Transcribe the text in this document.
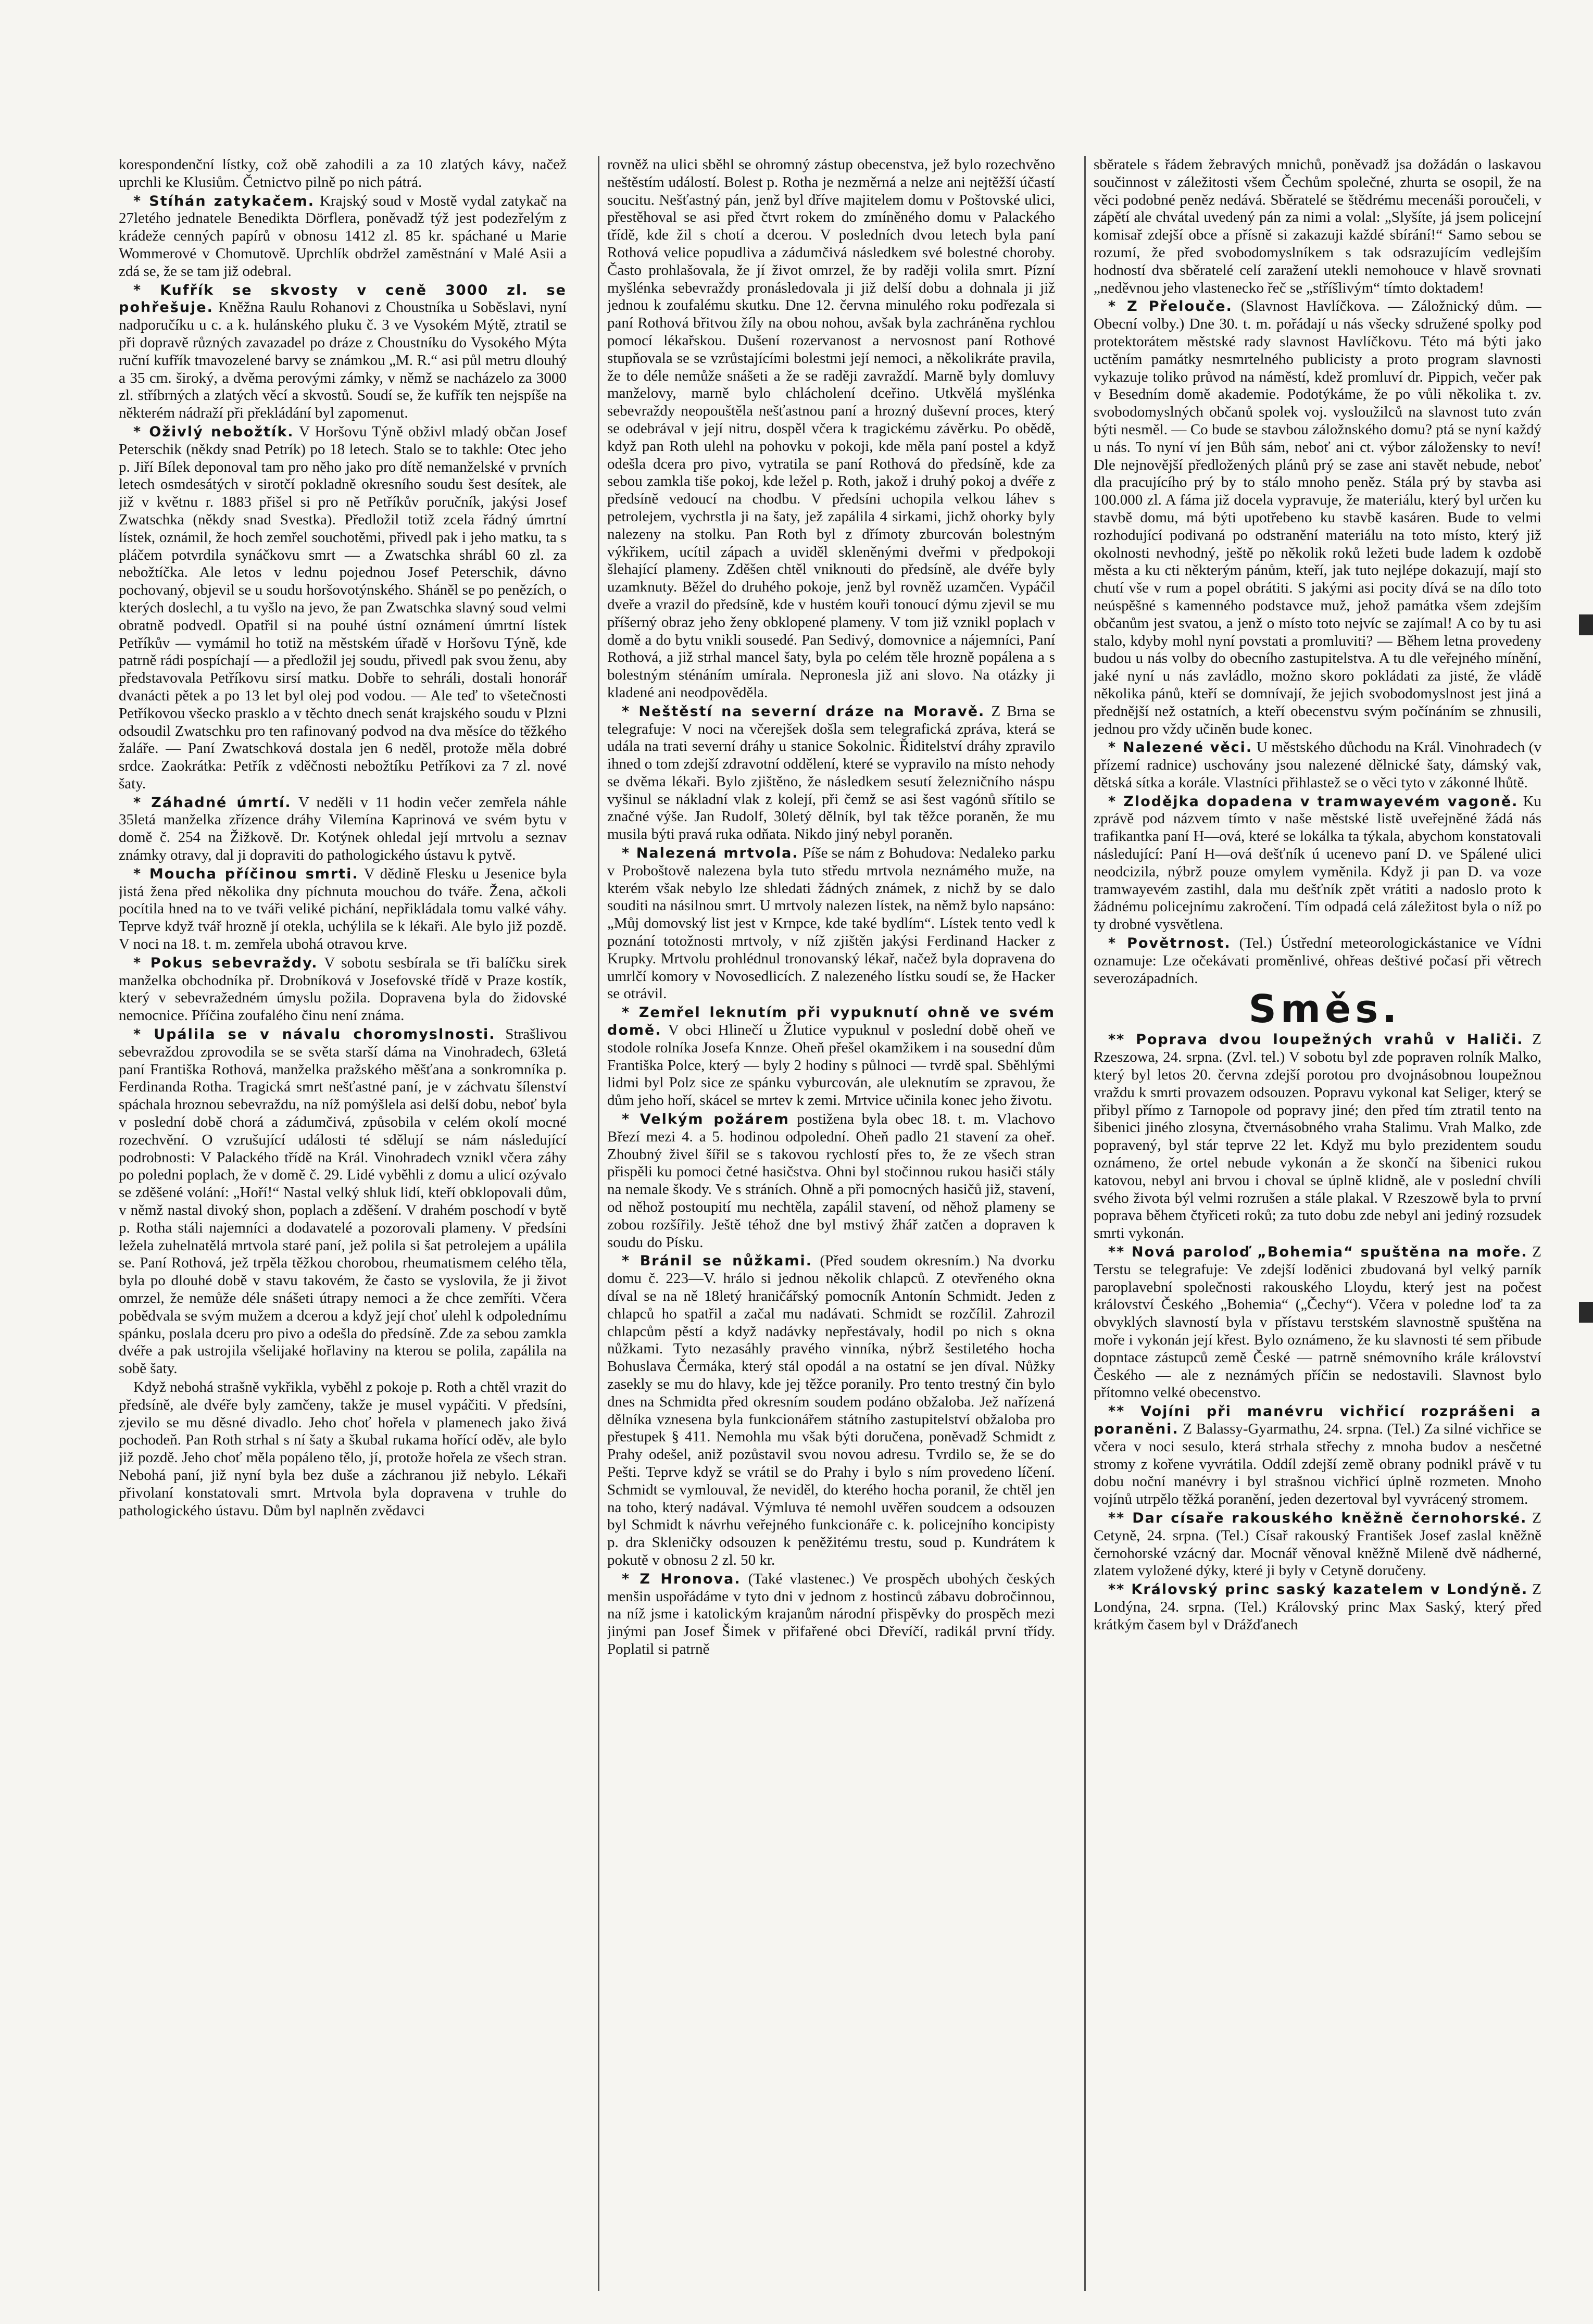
korespondenční lístky, což obě zahodili a za 10 zlatých kávy, načež uprchli ke Klusiům. Četnictvo pilně po nich pátrá.

* Stíhán zatykačem. Krajský soud v Mostě vydal zatykač na 27letého jednatele Benedikta Dörflera, poněvadž týž jest podezřelým z krádeže cenných papírů v obnosu 1412 zl. 85 kr. spáchané u Marie Wommerové v Chomutově. Uprchlík obdržel zaměstnání v Malé Asii a zdá se, že se tam již odebral.

* Kufřík se skvosty v ceně 3000 zl. se pohřešuje. Kněžna Raulu Rohanovi z Choustníka u Soběslavi, nyní nadporučíku u c. a k. hulánského pluku č. 3 ve Vysokém Mýtě, ztratil se při dopravě různých zavazadel po dráze z Choustníku do Vysokého Mýta ruční kufřík tmavozelené barvy se známkou „M. R.“ asi půl metru dlouhý a 35 cm. široký, a dvěma perovými zámky, v němž se nacházelo za 3000 zl. stříbrných a zlatých věcí a skvostů. Soudí se, že kufřík ten nejspíše na některém nádraží při překládání byl zapomenut.

* Oživlý nebožtík. V Horšovu Týně obživl mladý občan Josef Peterschik (někdy snad Petrík) po 18 letech. Stalo se to takhle: Otec jeho p. Jiří Bílek deponoval tam pro něho jako pro dítě nemanželské v prvních letech osmdesátých v sirotčí pokladně okresního soudu šest desítek, ale již v květnu r. 1883 přišel si pro ně Petříkův poručník, jakýsi Josef Zwatschka (někdy snad Svestka). Předložil totiž zcela řádný úmrtní lístek, oznámil, že hoch zemřel souchotěmi, přivedl pak i jeho matku, ta s pláčem potvrdila synáčkovu smrt — a Zwatschka shrábl 60 zl. za nebožtíčka. Ale letos v lednu pojednou Josef Peterschik, dávno pochovaný, objevil se u soudu horšovotýnského. Sháněl se po penězích, o kterých doslechl, a tu vyšlo na jevo, že pan Zwatschka slavný soud velmi obratně podvedl. Opatřil si na pouhé ústní oznámení úmrtní lístek Petříkův — vymámil ho totiž na městském úřadě v Horšovu Týně, kde patrně rádi pospíchají — a předložil jej soudu, přivedl pak svou ženu, aby představovala Petříkovu sirsí matku. Dobře to sehráli, dostali honorář dvanácti pětek a po 13 let byl olej pod vodou. — Ale teď to všetečnosti Petříkovou všecko prasklo a v těchto dnech senát krajského soudu v Plzni odsoudil Zwatschku pro ten rafinovaný podvod na dva měsíce do těžkého žaláře. — Paní Zwatschková dostala jen 6 neděl, protože měla dobré srdce. Zaokrátka: Petřík z vděčnosti nebožtíku Petříkovi za 7 zl. nové šaty.

* Záhadné úmrtí. V neděli v 11 hodin večer zemřela náhle 35letá manželka zřízence dráhy Vilemína Kaprinová ve svém bytu v domě č. 254 na Žižkově. Dr. Kotýnek ohledal její mrtvolu a seznav známky otravy, dal ji dopraviti do pathologického ústavu k pytvě.

* Moucha příčinou smrti. V dědině Flesku u Jesenice byla jistá žena před několika dny píchnuta mouchou do tváře. Žena, ačkoli pocítila hned na to ve tváři veliké pichání, nepřikládala tomu valké váhy. Teprve když tvář hrozně jí otekla, uchýlila se k lékaři. Ale bylo již pozdě. V noci na 18. t. m. zemřela ubohá otravou krve.

* Pokus sebevraždy. V sobotu sesbírala se tři balíčku sirek manželka obchodníka př. Drobníková v Josefovské třídě v Praze kostík, který v sebevražedném úmyslu požila. Dopravena byla do židovské nemocnice. Příčina zoufalého činu není známa.

* Upálila se v návalu choromyslnosti. Strašlivou sebevraždou zprovodila se se světa starší dáma na Vinohradech, 63letá paní Františka Rothová, manželka pražského měšťana a sonkromníka p. Ferdinanda Rotha. Tragická smrt nešťastné paní, je v záchvatu šílenství spáchala hroznou sebevraždu, na níž pomýšlela asi delší dobu, neboť byla v poslední době chorá a zádumčivá, způsobila v celém okolí mocné rozechvění. O vzrušující události té sdělují se nám následující podrobnosti: V Palackého třídě na Král. Vinohradech vznikl včera záhy po poledni poplach, že v domě č. 29. Lidé vyběhli z domu a ulicí ozývalo se zděšené volání: „Hoří!“ Nastal velký shluk lidí, kteří obklopovali dům, v němž nastal divoký shon, poplach a zděšení. V drahém poschodí v bytě p. Rotha stáli najemníci a dodavatelé a pozorovali plameny. V předsíni ležela zuhelnatělá mrtvola staré paní, jež polila si šat petrolejem a upálila se. Paní Rothová, jež trpěla těžkou chorobou, rheumatismem celého těla, byla po dlouhé době v stavu takovém, že často se vyslovila, že ji život omrzel, že nemůže déle snášeti útrapy nemoci a že chce zemříti. Včera pobědvala se svým mužem a dcerou a když její choť ulehl k odpolednímu spánku, poslala dceru pro pivo a odešla do předsíně. Zde za sebou zamkla dvéře a pak ustrojila všelijaké hořlaviny na kterou se polila, zapálila na sobě šaty.

Když nebohá strašně vykřikla, vyběhl z pokoje p. Roth a chtěl vrazit do předsíně, ale dvéře byly zamčeny, takže je musel vypáčiti. V předsíni, zjevilo se mu děsné divadlo. Jeho choť hořela v plamenech jako živá pochodeň. Pan Roth strhal s ní šaty a škubal rukama hořící oděv, ale bylo již pozdě. Jeho choť měla popáleno tělo, jí, protože hořela ze všech stran. Nebohá paní, již nyní byla bez duše a záchranou již nebylo. Lékaři přivolaní konstatovali smrt. Mrtvola byla dopravena v truhle do pathologického ústavu. Dům byl naplněn zvědavci

rovněž na ulici sběhl se ohromný zástup obecenstva, jež bylo rozechvěno neštěstím událostí. Bolest p. Rotha je nezměrná a nelze ani nejtěžší účastí soucitu. Nešťastný pán, jenž byl dříve majitelem domu v Poštovské ulici, přestěhoval se asi před čtvrt rokem do zmíněného domu v Palackého třídě, kde žil s chotí a dcerou. V posledních dvou letech byla paní Rothová velice popudliva a zádumčivá následkem své bolestné choroby. Často prohlašovala, že jí život omrzel, že by raději volila smrt. Pízní myšlénka sebevraždy pronásledovala ji již delší dobu a dohnala ji již jednou k zoufalému skutku. Dne 12. června minulého roku podřezala si paní Rothová břitvou žíly na obou nohou, avšak byla zachráněna rychlou pomocí lékařskou. Dušení rozervanost a nervosnost paní Rothové stupňovala se se vzrůstajícími bolestmi její nemoci, a několikráte pravila, že to déle nemůže snášeti a že se raději zavraždí. Marně byly domluvy manželovy, marně bylo chlácholení dceřino. Utkvělá myšlénka sebevraždy neopouštěla nešťastnou paní a hrozný duševní proces, který se odebrával v její nitru, dospěl včera k tragickému závěrku. Po obědě, když pan Roth ulehl na pohovku v pokoji, kde měla paní postel a když odešla dcera pro pivo, vytratila se paní Rothová do předsíně, kde za sebou zamkla tiše pokoj, kde ležel p. Roth, jakož i druhý pokoj a dvéře z předsíně vedoucí na chodbu. V předsíni uchopila velkou láhev s petrolejem, vychrstla ji na šaty, jež zapálila 4 sirkami, jichž ohorky byly nalezeny na stolku. Pan Roth byl z dřímoty zburcován bolestným výkřikem, ucítil zápach a uviděl skleněnými dveřmi v předpokoji šlehající plameny. Zděšen chtěl vniknouti do předsíně, ale dvéře byly uzamknuty. Běžel do druhého pokoje, jenž byl rovněž uzamčen. Vypáčil dveře a vrazil do předsíně, kde v hustém kouři tonoucí dýmu zjevil se mu příšerný obraz jeho ženy obklopené plameny. V tom již vznikl poplach v domě a do bytu vnikli sousedé. Pan Sedivý, domovnice a nájemníci, Paní Rothová, a již strhal mancel šaty, byla po celém těle hrozně popálena a s bolestným sténáním umírala. Nepronesla již ani slovo. Na otázky ji kladené ani neodpověděla.

* Neštěstí na severní dráze na Moravě. Z Brna se telegrafuje: V noci na včerejšek došla sem telegrafická zpráva, která se udála na trati severní dráhy u stanice Sokolnic. Řiditelství dráhy zpravilo ihned o tom zdejší zdravotní oddělení, které se vypravilo na místo nehody se dvěma lékaři. Bylo zjištěno, že následkem sesutí železničního náspu vyšinul se nákladní vlak z kolejí, při čemž se asi šest vagónů sřítilo se značné výše. Jan Rudolf, 30letý dělník, byl tak těžce poraněn, že mu musila býti pravá ruka odňata. Nikdo jiný nebyl poraněn.

* Nalezená mrtvola. Píše se nám z Bohudova: Nedaleko parku v Proboštově nalezena byla tuto středu mrtvola neznámého muže, na kterém však nebylo lze shledati žádných známek, z nichž by se dalo souditi na násilnou smrt. U mrtvoly nalezen lístek, na němž bylo napsáno: „Můj domovský list jest v Krnpce, kde také bydlím“. Lístek tento vedl k poznání totožnosti mrtvoly, v níž zjištěn jakýsi Ferdinand Hacker z Krupky. Mrtvolu prohlédnul tronovanský lékař, načež byla dopravena do umrlčí komory v Novosedlicích. Z nalezeného lístku soudí se, že Hacker se otrávil.

* Zemřel leknutím při vypuknutí ohně ve svém domě. V obci Hlinečí u Žlutice vypuknul v poslední době oheň ve stodole rolníka Josefa Knnze. Oheň přešel okamžikem i na sousední dům Františka Polce, který — byly 2 hodiny s půlnoci — tvrdě spal. Sběhlými lidmi byl Polz sice ze spánku vyburcován, ale uleknutím se zpravou, že dům jeho hoří, skácel se mrtev k zemi. Mrtvice učinila konec jeho životu.

* Velkým požárem postižena byla obec 18. t. m. Vlachovo Březí mezi 4. a 5. hodinou odpolední. Oheň padlo 21 stavení za oheř. Zhoubný živel šířil se s takovou rychlostí přes to, že ze všech stran přispěli ku pomoci četné hasičstva. Ohni byl stočinnou rukou hasiči stály na nemale škody. Ve s stráních. Ohně a při pomocných hasičů již, stavení, od něhož postoupití mu nechtěla, zapálil stavení, od něhož plameny se zobou rozšířily. Ještě téhož dne byl mstivý žhář zatčen a dopraven k soudu do Písku.

* Bránil se nůžkami. (Před soudem okresním.) Na dvorku domu č. 223—V. hrálo si jednou několik chlapců. Z otevřeného okna díval se na ně 18letý hraničářský pomocník Antonín Schmidt. Jeden z chlapců ho spatřil a začal mu nadávati. Schmidt se rozčílil. Zahrozil chlapcům pěstí a když nadávky nepřestávaly, hodil po nich s okna nůžkami. Tyto nezasáhly pravého vinníka, nýbrž šestiletého hocha Bohuslava Čermáka, který stál opodál a na ostatní se jen díval. Nůžky zasekly se mu do hlavy, kde jej těžce poranily. Pro tento trestný čin bylo dnes na Schmidta před okresním soudem podáno obžaloba. Jež nařízená dělníka vznesena byla funkcionářem státního zastupitelství obžaloba pro přestupek § 411. Nemohla mu však býti doručena, poněvadž Schmidt z Prahy odešel, aniž pozůstavil svou novou adresu. Tvrdilo se, že se do Pešti. Teprve když se vrátil se do Prahy i bylo s ním provedeno líčení. Schmidt se vymlouval, že neviděl, do kterého hocha poranil, že chtěl jen na toho, který nadával. Výmluva té nemohl uvěřen soudcem a odsouzen byl Schmidt k návrhu veřejného funkcionáře c. k. policejního koncipisty p. dra Skleničky odsouzen k peněžitému trestu, soud p. Kundrátem k pokutě v obnosu 2 zl. 50 kr.

* Z Hronova. (Také vlastenec.) Ve prospěch ubohých českých menšin uspořádáme v tyto dni v jednom z hostinců zábavu dobročinnou, na níž jsme i katolickým krajanům národní přispěvky do prospěch mezi jinými pan Josef Šimek v přifařené obci Dřevíčí, radikál první třídy. Poplatil si patrně

sběratele s řádem žebravých mnichů, poněvadž jsa dožádán o laskavou součinnost v záležitosti všem Čechům společné, zhurta se osopil, že na věci podobné peněz nedává. Sběratelé se štědrému mecenáši poroučeli, v zápětí ale chvátal uvedený pán za nimi a volal: „Slyšíte, já jsem policejní komisař zdejší obce a přísně si zakazuji každé sbírání!“ Samo sebou se rozumí, že před svobodomyslníkem s tak odsrazujícím vedlejším hodností dva sběratelé celí zaražení utekli nemohouce v hlavě srovnati „neděvnou jeho vlastenecko řeč se „stříšlivým“ tímto doktadem!

* Z Přelouče. (Slavnost Havlíčkova. — Záložnický dům. — Obecní volby.) Dne 30. t. m. pořádají u nás všecky sdružené spolky pod protektorátem městské rady slavnost Havlíčkovu. Této má býti jako uctěním památky nesmrtelného publicisty a proto program slavnosti vykazuje toliko průvod na náměstí, kdež promluví dr. Pippich, večer pak v Besedním domě akademie. Podotýkáme, že po vůli několika t. zv. svobodomyslných občanů spolek voj. vysloužilců na slavnost tuto zván býti nesměl. — Co bude se stavbou záložnského domu? ptá se nyní každý u nás. To nyní ví jen Bůh sám, neboť ani ct. výbor záložensky to neví! Dle nejnovější předložených plánů prý se zase ani stavět nebude, neboť dla pracujícího prý by to stálo mnoho peněz. Stála prý by stavba asi 100.000 zl. A fáma již docela vypravuje, že materiálu, který byl určen ku stavbě domu, má býti upotřebeno ku stavbě kasáren. Bude to velmi rozhodující podivaná po odstranění materiálu na toto místo, který již okolnosti nevhodný, ještě po několik roků ležeti bude ladem k ozdobě města a ku cti některým pánům, kteří, jak tuto nejlépe dokazují, mají sto chutí vše v rum a popel obrátiti. S jakými asi pocity dívá se na dílo toto neúspěšné s kamenného podstavce muž, jehož památka všem zdejším občanům jest svatou, a jenž o místo toto nejvíc se zajímal! A co by tu asi stalo, kdyby mohl nyní povstati a promluviti? — Během letna provedeny budou u nás volby do obecního zastupitelstva. A tu dle veřejného mínění, jaké nyní u nás zavládlo, možno skoro pokládati za jisté, že vládě několika pánů, kteří se domnívají, že jejich svobodomyslnost jest jiná a přednější než ostatních, a kteří obecenstvu svým počínáním se zhnusili, jednou pro vždy učiněn bude konec.

* Nalezené věci. U městského důchodu na Král. Vinohradech (v přízemí radnice) uschovány jsou nalezené dělnické šaty, dámský vak, dětská sítka a korále. Vlastníci přihlastež se o věci tyto v zákonné lhůtě.

* Zlodějka dopadena v tramwayevém vagoně. Ku zprávě pod názvem tímto v naše městské listě uveřejněné žádá nás trafikantka paní H—ová, které se lokálka ta týkala, abychom konstatovali následující: Paní H—ová dešťník ú ucenevo paní D. ve Spálené ulici neodcizila, nýbrž pouze omylem vyměnila. Když ji pan D. va voze tramwayevém zastihl, dala mu dešťník zpět vrátiti a nadoslo proto k žádnému policejnímu zakročení. Tím odpadá celá záležitost byla o níž po ty drobné vysvětlena.

* Povětrnost. (Tel.) Ústřední meteorologickástanice ve Vídni oznamuje: Lze očekávati proměnlivé, ohřeas deštivé počasí při větrech severozápadních.

Směs.

** Poprava dvou loupežných vrahů v Haliči. Z Rzeszowa, 24. srpna. (Zvl. tel.) V sobotu byl zde popraven rolník Malko, který byl letos 20. června zdejší porotou pro dvojnásobnou loupežnou vraždu k smrti provazem odsouzen. Popravu vykonal kat Seliger, který se přibyl přímo z Tarnopole od popravy jiné; den před tím ztratil tento na šibenici jiného zlosyna, čtvernásobného vraha Stalimu. Vrah Malko, zde popravený, byl stár teprve 22 let. Když mu bylo prezidentem soudu oznámeno, že ortel nebude vykonán a že skončí na šibenici rukou katovou, nebyl ani brvou i choval se úplně klidně, ale v poslední chvíli svého života býl velmi rozrušen a stále plakal. V Rzeszowě byla to první poprava během čtyřiceti roků; za tuto dobu zde nebyl ani jediný rozsudek smrti vykonán.

** Nová paroloď „Bohemia“ spuštěna na moře. Z Terstu se telegrafuje: Ve zdejší loděnici zbudovaná byl velký parník paroplavební společnosti rakouského Lloydu, který jest na počest království Českého „Bohemia“ („Čechy“). Včera v poledne loď ta za obvyklých slavností byla v přístavu terstském slavnostně spuštěna na moře i vykonán její křest. Bylo oznámeno, že ku slavnosti té sem přibude dopntace zástupců země České — patrně snémovního krále království Českého — ale z neznámých příčin se nedostavili. Slavnost bylo přítomno velké obecenstvo.

** Vojíni při manévru vichřicí rozprášeni a poraněni. Z Balassy-Gyarmathu, 24. srpna. (Tel.) Za silné vichřice se včera v noci sesulo, která strhala střechy z mnoha budov a nesčetné stromy z kořene vyvrátila. Oddíl zdejší země obrany podnikl právě v tu dobu noční manévry i byl strašnou vichřicí úplně rozmeten. Mnoho vojínů utrpělo těžká poranění, jeden dezertoval byl vyvrácený stromem.

** Dar císaře rakouského kněžně černohorské. Z Cetyně, 24. srpna. (Tel.) Císař rakouský František Josef zaslal kněžně černohorské vzácný dar. Mocnář věnoval kněžně Mileně dvě nádherné, zlatem vyložené dýky, které ji byly v Cetyně doručeny.

** Královský princ saský kazatelem v Londýně. Z Londýna, 24. srpna. (Tel.) Královský princ Max Saský, který před krátkým časem byl v Drážďanech
